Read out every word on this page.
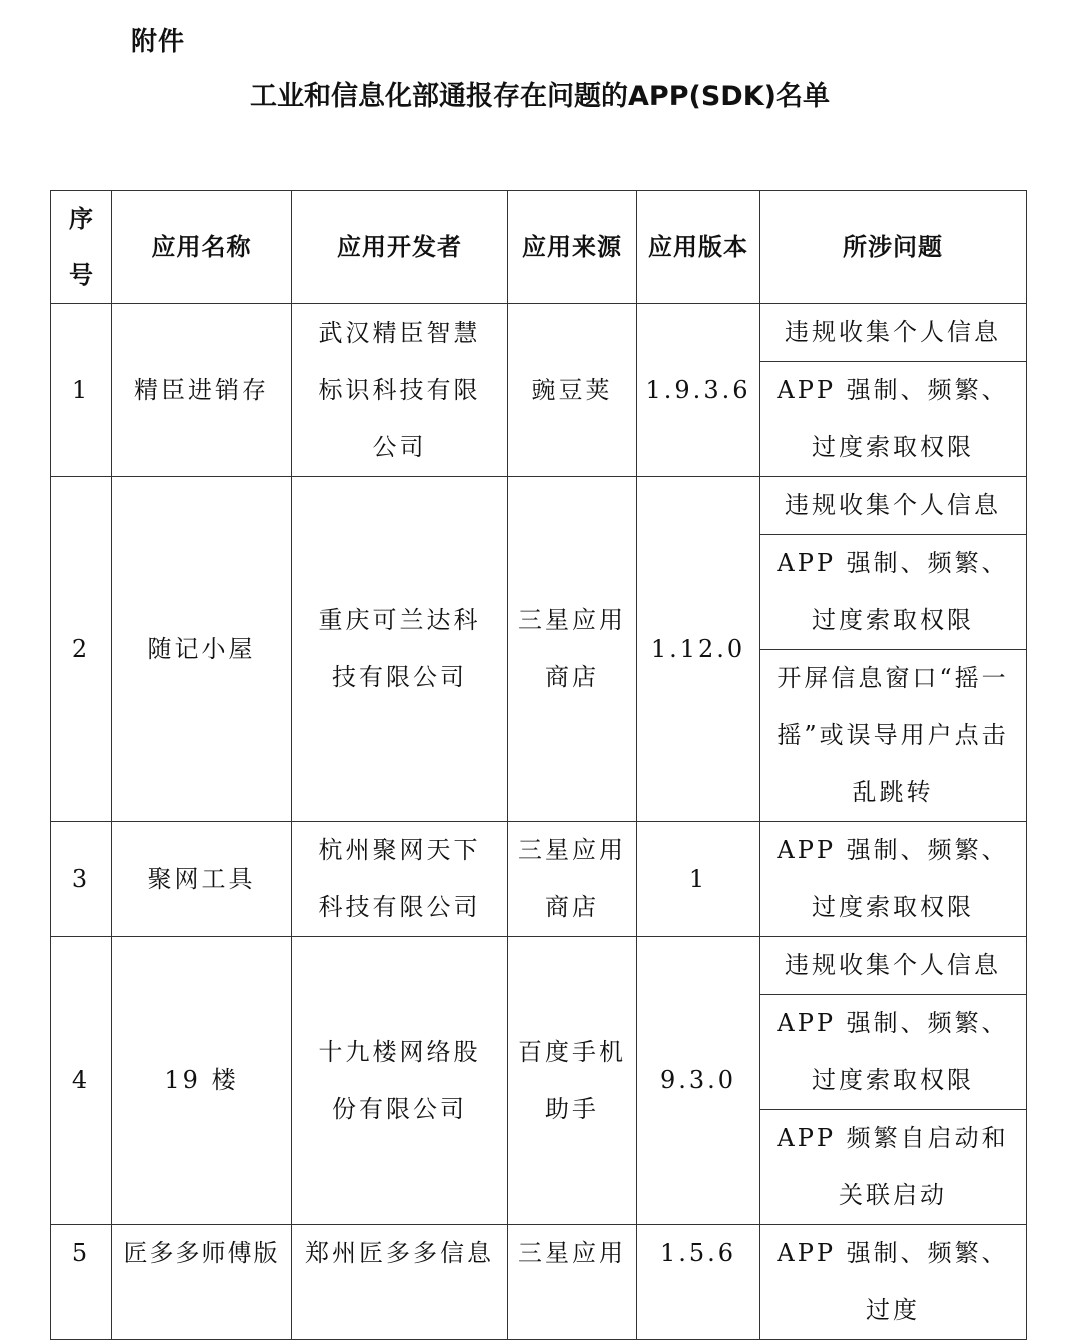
附件
工业和信息化部通报存在问题的APP(SDK)名单
序号	应用名称	应用开发者	应用来源	应用版本	所涉问题

1	精臣进销存	武汉精臣智慧标识科技有限公司	豌豆荚	1.9.3.6	违规收集个人信息

					APP 强制、频繁、过度索取权限

2	随记小屋	重庆可兰达科技有限公司	三星应用商店	1.12.0	违规收集个人信息

					APP 强制、频繁、过度索取权限

					开屏信息窗口“摇一摇”或误导用户点击乱跳转

3	聚网工具	杭州聚网天下科技有限公司	三星应用商店	1	APP 强制、频繁、过度索取权限

4	19 楼	十九楼网络股份有限公司	百度手机助手	9.3.0	违规收集个人信息

					APP 强制、频繁、过度索取权限

					APP 频繁自启动和关联启动

5	匠多多师傅版	郑州匠多多信息	三星应用	1.5.6	APP 强制、频繁、过度
